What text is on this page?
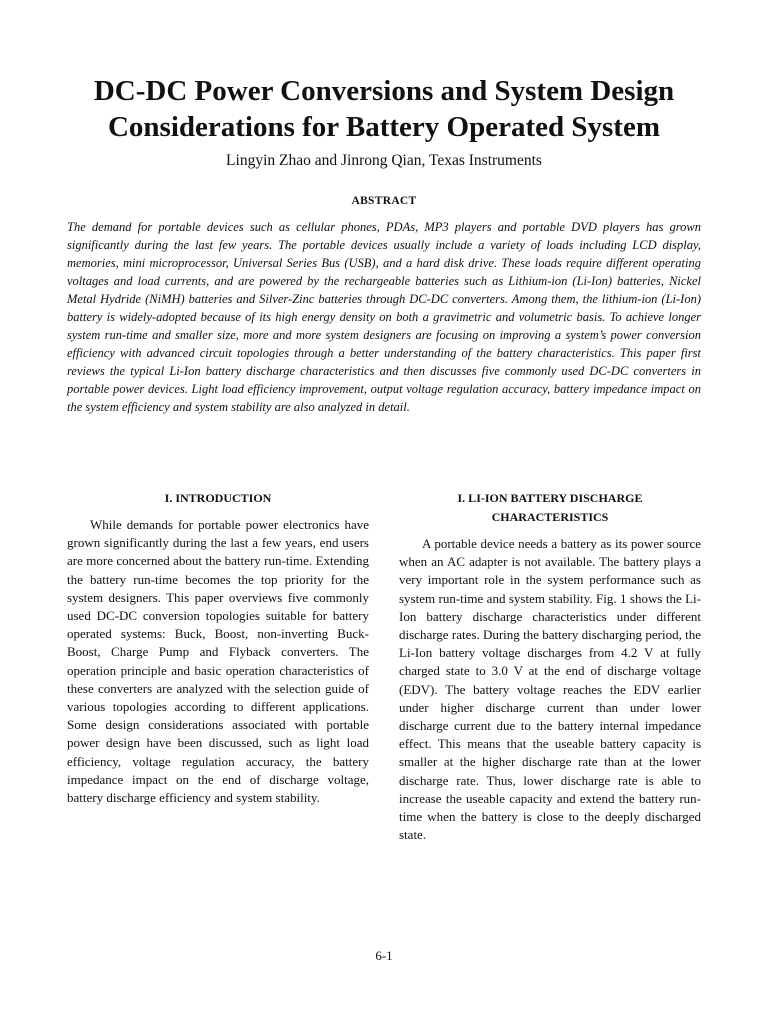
DC-DC Power Conversions and System Design Considerations for Battery Operated System
Lingyin Zhao and Jinrong Qian, Texas Instruments
ABSTRACT

The demand for portable devices such as cellular phones, PDAs, MP3 players and portable DVD players has grown significantly during the last few years. The portable devices usually include a variety of loads including LCD display, memories, mini microprocessor, Universal Series Bus (USB), and a hard disk drive. These loads require different operating voltages and load currents, and are powered by the rechargeable batteries such as Lithium-ion (Li-Ion) batteries, Nickel Metal Hydride (NiMH) batteries and Silver-Zinc batteries through DC-DC converters. Among them, the lithium-ion (Li-Ion) battery is widely-adopted because of its high energy density on both a gravimetric and volumetric basis. To achieve longer system run-time and smaller size, more and more system designers are focusing on improving a system’s power conversion efficiency with advanced circuit topologies through a better understanding of the battery characteristics. This paper first reviews the typical Li-Ion battery discharge characteristics and then discusses five commonly used DC-DC converters in portable power devices. Light load efficiency improvement, output voltage regulation accuracy, battery impedance impact on the system efficiency and system stability are also analyzed in detail.

I. INTRODUCTION

While demands for portable power electronics have grown significantly during the last a few years, end users are more concerned about the battery run-time. Extending the battery run-time becomes the top priority for the system designers. This paper overviews five commonly used DC-DC conversion topologies suitable for battery operated systems: Buck, Boost, non-inverting Buck-Boost, Charge Pump and Flyback converters. The operation principle and basic operation characteristics of these converters are analyzed with the selection guide of various topologies according to different applications. Some design considerations associated with portable power design have been discussed, such as light load efficiency, voltage regulation accuracy, the battery impedance impact on the end of discharge voltage, battery discharge efficiency and system stability.

I. LI-ION BATTERY DISCHARGE CHARACTERISTICS

A portable device needs a battery as its power source when an AC adapter is not available. The battery plays a very important role in the system performance such as system run-time and system stability. Fig. 1 shows the Li-Ion battery discharge characteristics under different discharge rates. During the battery discharging period, the Li-Ion battery voltage discharges from 4.2 V at fully charged state to 3.0 V at the end of discharge voltage (EDV). The battery voltage reaches the EDV earlier under higher discharge current than under lower discharge current due to the battery internal impedance effect. This means that the useable battery capacity is smaller at the higher discharge rate than at the lower discharge rate. Thus, lower discharge rate is able to increase the useable capacity and extend the battery run-time when the battery is close to the deeply discharged state.

6-1
